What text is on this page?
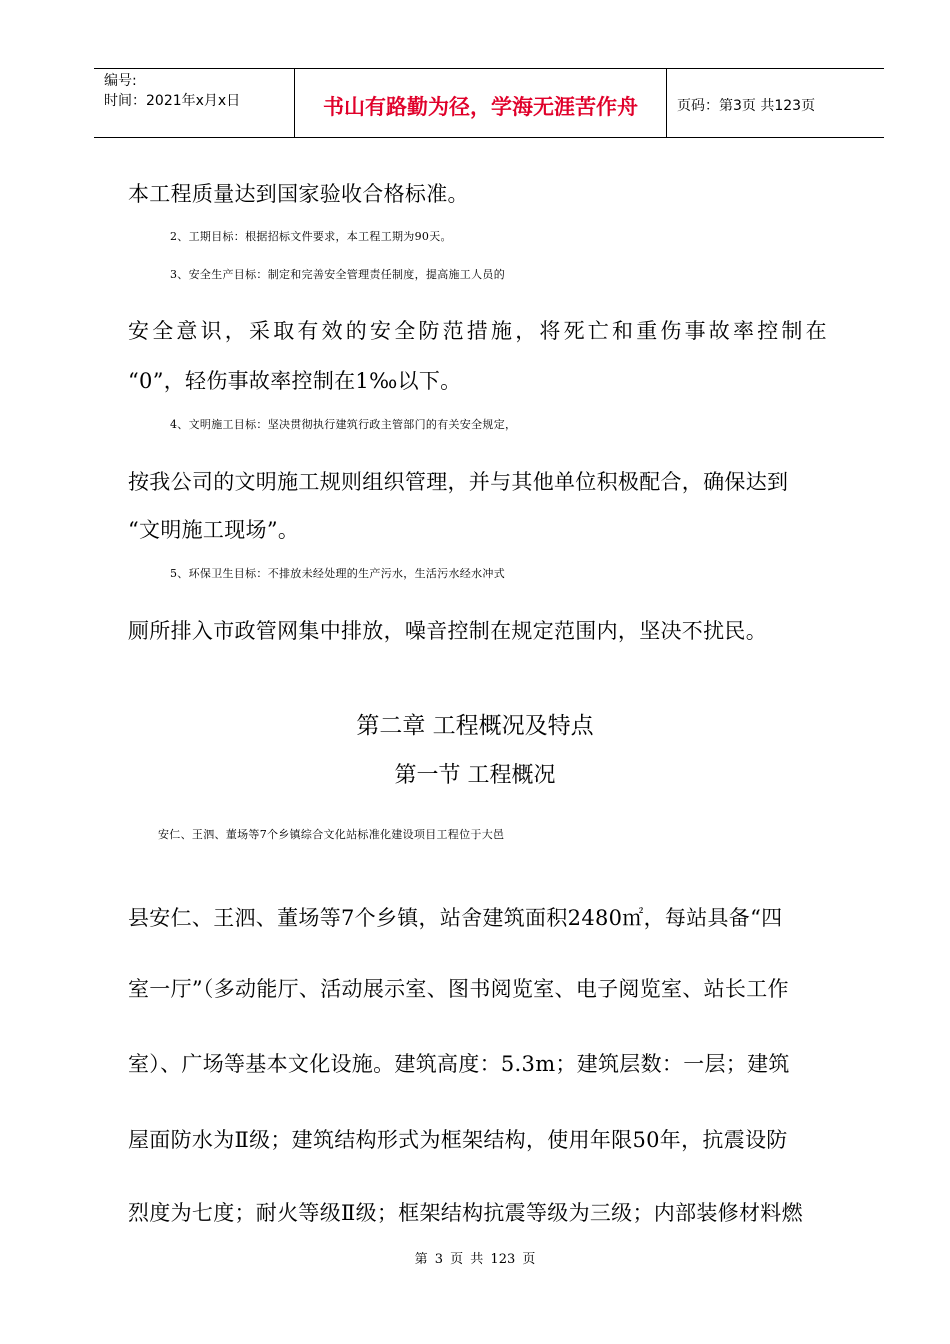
编号:
时间：2021年x月x日	书山有路勤为径，学海无涯苦作舟	页码：第3页 共123页
本工程质量达到国家验收合格标准。
2、工期目标：根据招标文件要求，本工程工期为90天。
3、安全生产目标：制定和完善安全管理责任制度，提高施工人员的
安全意识，采取有效的安全防范措施，将死亡和重伤事故率控制在
“0”，轻伤事故率控制在1‰以下。
4、文明施工目标：坚决贯彻执行建筑行政主管部门的有关安全规定，
按我公司的文明施工规则组织管理，并与其他单位积极配合，确保达到
“文明施工现场”。
5、环保卫生目标：不排放未经处理的生产污水，生活污水经水冲式
厕所排入市政管网集中排放，噪音控制在规定范围内，坚决不扰民。
第二章 工程概况及特点
第一节 工程概况
安仁、王泗、董场等7个乡镇综合文化站标准化建设项目工程位于大邑
县安仁、王泗、董场等7个乡镇，站舍建筑面积2480㎡，每站具备“四
室一厅”（多动能厅、活动展示室、图书阅览室、电子阅览室、站长工作
室）、广场等基本文化设施。建筑高度：5.3m；建筑层数：一层；建筑
屋面防水为Ⅱ级；建筑结构形式为框架结构，使用年限50年，抗震设防
烈度为七度；耐火等级Ⅱ级；框架结构抗震等级为三级；内部装修材料燃
第 3 页 共 123 页
